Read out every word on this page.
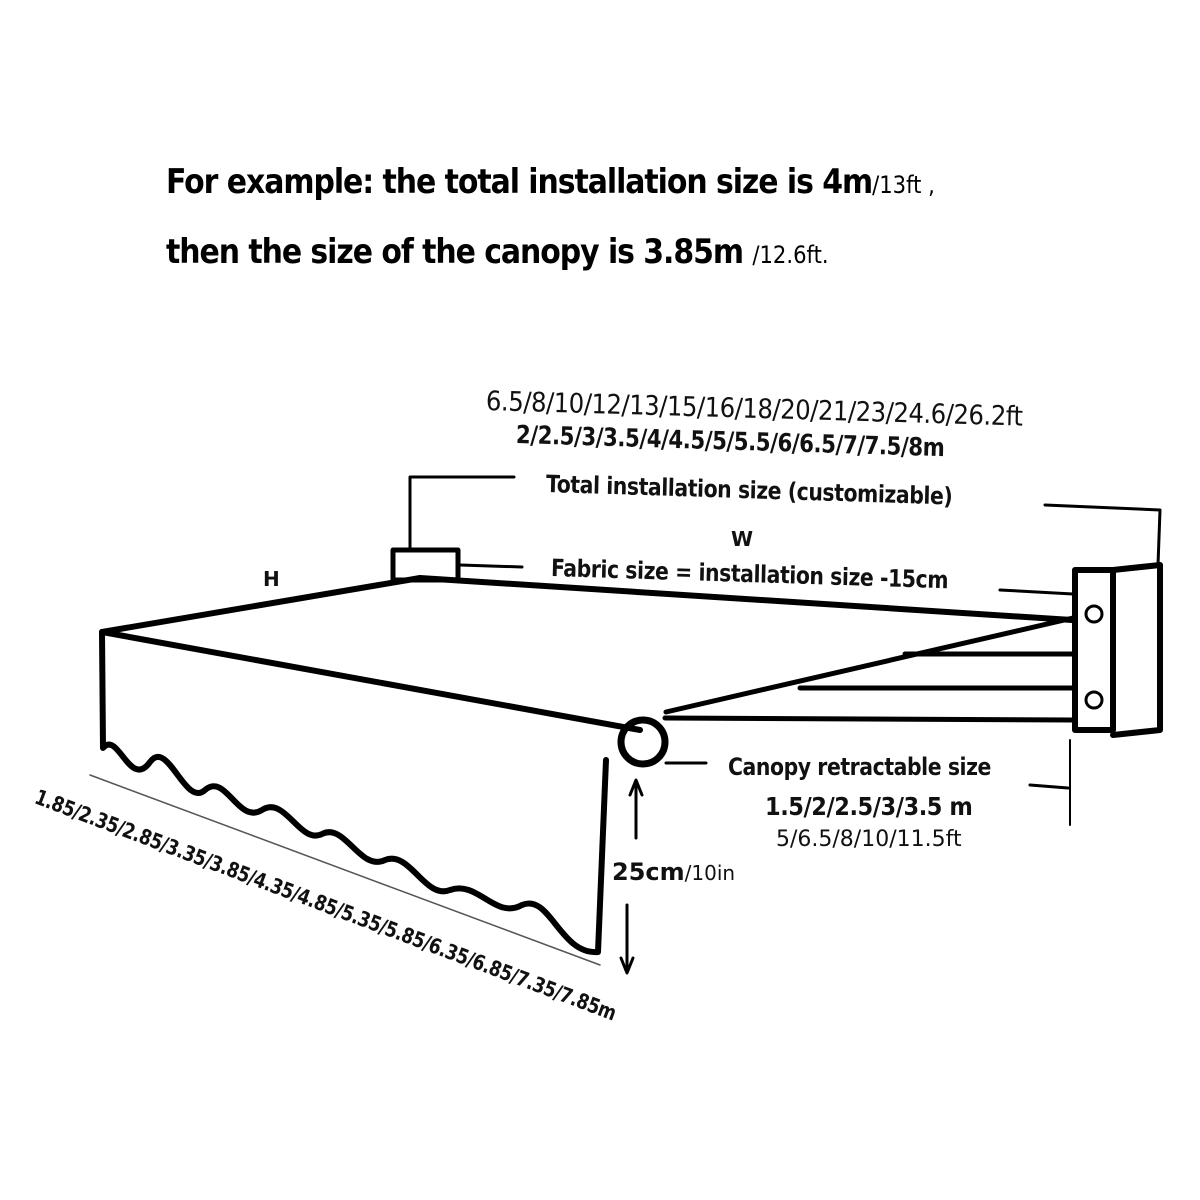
For example: the total installation size is 4m/13ft ,
then the size of the canopy is 3.85m /12.6ft.
6.5/8/10/12/13/15/16/18/20/21/23/24.6/26.2ft
2/2.5/3/3.5/4/4.5/5/5.5/6/6.5/7/7.5/8m
Total installation size (customizable)
W
H	Fabric size = installation size -15cm
Canopy retractable size
1.5/2/2.5/3/3.5 m
5/6.5/8/10/11.5ft
25cm/10in
1.85/2.35/2.85/3.35/3.85/4.35/4.85/5.35/5.85/6.35/6.85/7.35/7.85m
